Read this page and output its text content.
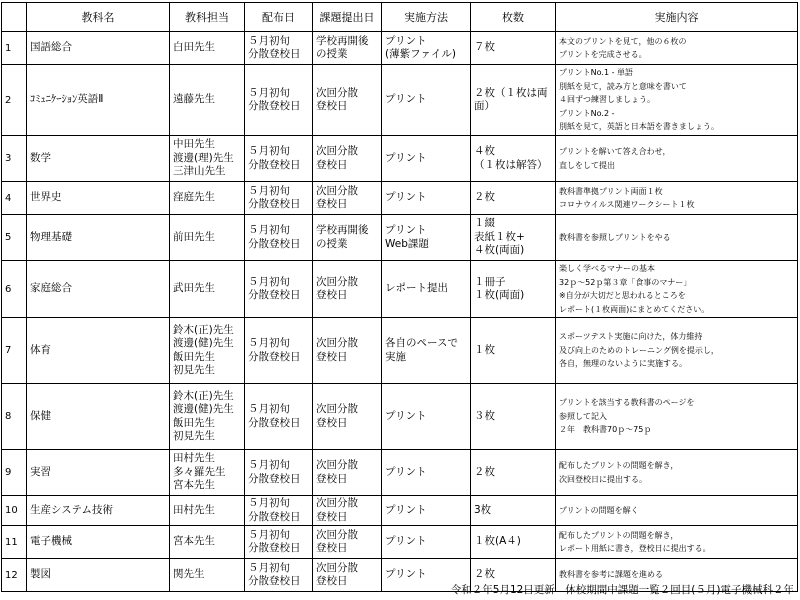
	教科名	教科担当	配布日	課題提出日	実施方法	枚数	実施内容
1	国語総合	白田先生	５月初旬
分散登校日	学校再開後
の授業	プリント
(薄紫ファイル)	７枚	本文のプリントを見て，他の６枚の
プリントを完成させる。

2	ｺﾐｭﾆｹｰｼｮﾝ英語Ⅱ	遠藤先生	５月初旬
分散登校日	次回分散
登校日	プリント	２枚（１枚は両
面）	プリントNo.1 - 単語
別紙を見て，読み方と意味を書いて
４回ずつ練習しましょう。
プリントNo.2 -
別紙を見て，英語と日本語を書きましょう。

3	数学	中田先生
渡邊(理)先生
三津山先生	５月初旬
分散登校日	次回分散
登校日	プリント	４枚
（１枚は解答）	プリントを解いて答え合わせ，
直しをして提出

4	世界史	窪庭先生	５月初旬
分散登校日	次回分散
登校日	プリント	２枚	教科書準拠プリント両面１枚
コロナウイルス関連ワークシート１枚

5	物理基礎	前田先生	５月初旬
分散登校日	学校再開後
の授業	プリント
Web課題	１綴
表紙１枚+
４枚(両面)	教科書を参照しプリントをやる

6	家庭総合	武田先生	５月初旬
分散登校日	次回分散
登校日	レポート提出	１冊子
１枚(両面)	楽しく学べるマナーの基本
32ｐ～52ｐ第３章「食事のマナー」
※自分が大切だと思われるところを
レポート(１枚両面)にまとめてください。

7	体育	鈴木(正)先生
渡邊(健)先生
飯田先生
初見先生	５月初旬
分散登校日	次回分散
登校日	各自のペースで
実施	１枚	スポーツテスト実施に向けた，体力維持
及び向上のためのトレーニング例を提示し，
各自，無理のないように実施する。

8	保健	鈴木(正)先生
渡邊(健)先生
飯田先生
初見先生	５月初旬
分散登校日	次回分散
登校日	プリント	３枚	プリントを該当する教科書のページを
参照して記入
２年　教科書70ｐ～75ｐ

9	実習	田村先生
多々羅先生
宮本先生	５月初旬
分散登校日	次回分散
登校日	プリント	２枚	配布したプリントの問題を解き，
次回登校日に提出する。

10	生産システム技術	田村先生	５月初旬
分散登校日	次回分散
登校日	プリント	3枚	プリントの問題を解く

11	電子機械	宮本先生	５月初旬
分散登校日	次回分散
登校日	プリント	１枚(A４)	配布したプリントの問題を解き，
レポート用紙に書き，登校日に提出する。

12	製図	関先生	５月初旬
分散登校日	次回分散
登校日	プリント	２枚	教科書を参考に課題を進める
令和２年5月12日更新　休校期間中課題一覧２回目(５月)電子機械科２年
